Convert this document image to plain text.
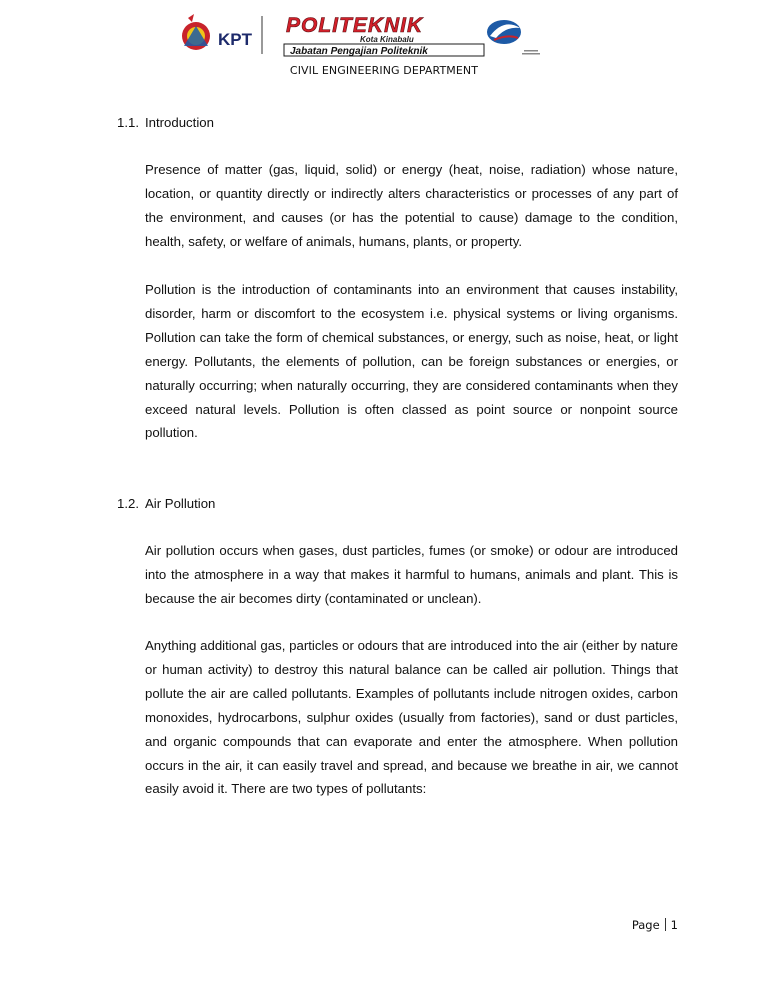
KPT
POLITEKNIK
Kota Kinabalu
Jabatan Pengajian Politeknik
CIVIL ENGINEERING DEPARTMENT
1.1. Introduction

Presence of matter (gas, liquid, solid) or energy (heat, noise, radiation) whose nature, location, or quantity directly or indirectly alters characteristics or processes of any part of the environment, and causes (or has the potential to cause) damage to the condition, health, safety, or welfare of animals, humans, plants, or property.

Pollution is the introduction of contaminants into an environment that causes instability, disorder, harm or discomfort to the ecosystem i.e. physical systems or living organisms. Pollution can take the form of chemical substances, or energy, such as noise, heat, or light energy. Pollutants, the elements of pollution, can be foreign substances or energies, or naturally occurring; when naturally occurring, they are considered contaminants when they exceed natural levels. Pollution is often classed as point source or nonpoint source pollution.

1.2. Air Pollution

Air pollution occurs when gases, dust particles, fumes (or smoke) or odour are introduced into the atmosphere in a way that makes it harmful to humans, animals and plant. This is because the air becomes dirty (contaminated or unclean).

Anything additional gas, particles or odours that are introduced into the air (either by nature or human activity) to destroy this natural balance can be called air pollution. Things that pollute the air are called pollutants. Examples of pollutants include nitrogen oxides, carbon monoxides, hydrocarbons, sulphur oxides (usually from factories), sand or dust particles, and organic compounds that can evaporate and enter the atmosphere. When pollution occurs in the air, it can easily travel and spread, and because we breathe in air, we cannot easily avoid it. There are two types of pollutants:

Page 1
